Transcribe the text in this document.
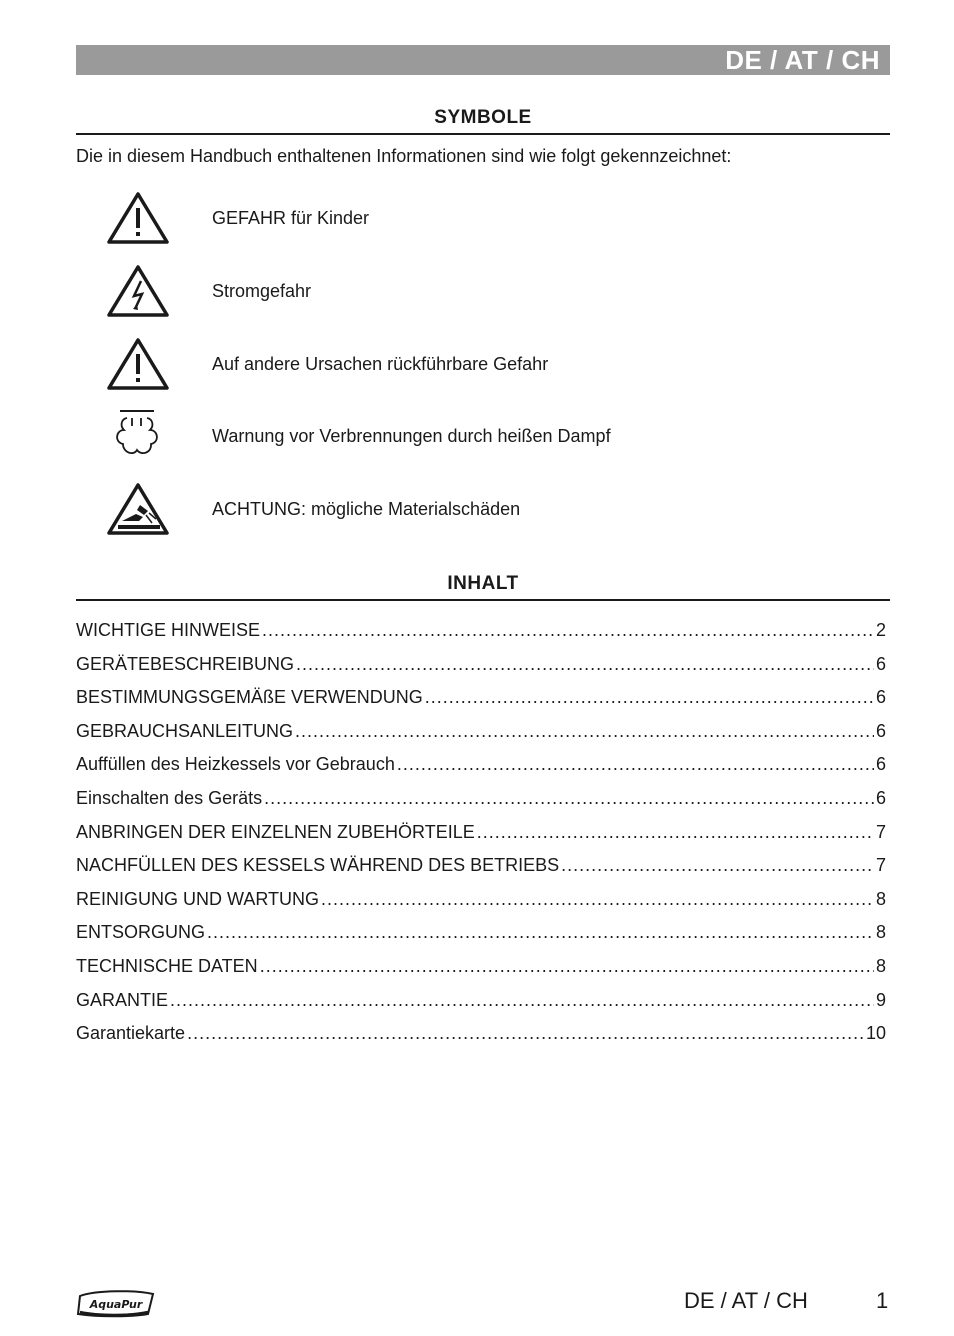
DE / AT / CH
SYMBOLE
Die in diesem Handbuch enthaltenen Informationen sind wie folgt gekennzeichnet:
GEFAHR für Kinder
Stromgefahr
Auf andere Ursachen rückführbare Gefahr
Warnung vor Verbrennungen durch heißen Dampf
ACHTUNG: mögliche Materialschäden
INHALT
WICHTIGE HINWEISE .....	2
GERÄTEBESCHREIBUNG .....	6
BESTIMMUNGSGEMÄßE VERWENDUNG .....	6
GEBRAUCHSANLEITUNG .....	6
Auffüllen des Heizkessels vor Gebrauch .....	6
Einschalten des Geräts .....	6
ANBRINGEN DER EINZELNEN ZUBEHÖRTEILE .....	7
NACHFÜLLEN DES KESSELS WÄHREND DES BETRIEBS .....	7
REINIGUNG UND WARTUNG .....	8
ENTSORGUNG .....	8
TECHNISCHE DATEN .....	8
GARANTIE .....	9
Garantiekarte .....	10
AquaPur	DE / AT / CH	1
